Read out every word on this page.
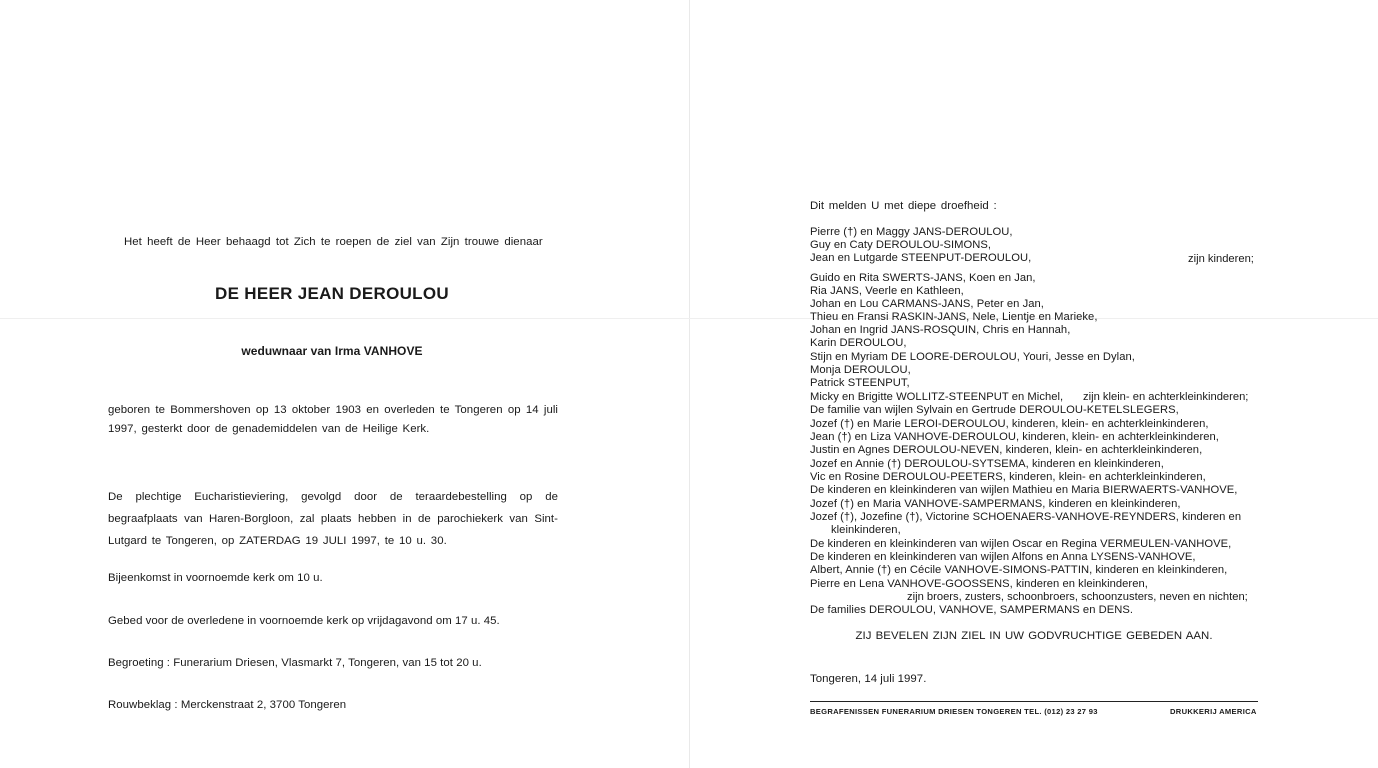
Het heeft de Heer behaagd tot Zich te roepen de ziel van Zijn trouwe dienaar
DE HEER JEAN DEROULOU
weduwnaar van Irma VANHOVE
geboren te Bommershoven op 13 oktober 1903 en overleden te Tongeren op 14 juli 1997, gesterkt door de genademiddelen van de Heilige Kerk.
De plechtige Eucharistieviering, gevolgd door de teraardebestelling op de begraafplaats van Haren-Borgloon, zal plaats hebben in de parochiekerk van Sint-Lutgard te Tongeren, op ZATERDAG 19 JULI 1997, te 10 u. 30.
Bijeenkomst in voornoemde kerk om 10 u.
Gebed voor de overledene in voornoemde kerk op vrijdagavond om 17 u. 45.
Begroeting : Funerarium Driesen, Vlasmarkt 7, Tongeren, van 15 tot 20 u.
Rouwbeklag : Merckenstraat 2, 3700 Tongeren
Dit melden U met diepe droefheid :
Pierre (†) en Maggy JANS-DEROULOU,
Guy en Caty DEROULOU-SIMONS,
Jean en Lutgarde STEENPUT-DEROULOU,	zijn kinderen;
Guido en Rita SWERTS-JANS, Koen en Jan,
Ria JANS, Veerle en Kathleen,
Johan en Lou CARMANS-JANS, Peter en Jan,
Thieu en Fransi RASKIN-JANS, Nele, Lientje en Marieke,
Johan en Ingrid JANS-ROSQUIN, Chris en Hannah,
Karin DEROULOU,
Stijn en Myriam DE LOORE-DEROULOU, Youri, Jesse en Dylan,
Monja DEROULOU,
Patrick STEENPUT,
Micky en Brigitte WOLLITZ-STEENPUT en Michel, zijn klein- en achterkleinkinderen;
De familie van wijlen Sylvain en Gertrude DEROULOU-KETELSLEGERS,
Jozef (†) en Marie LEROI-DEROULOU, kinderen, klein- en achterkleinkinderen,
Jean (†) en Liza VANHOVE-DEROULOU, kinderen, klein- en achterkleinkinderen,
Justin en Agnes DEROULOU-NEVEN, kinderen, klein- en achterkleinkinderen,
Jozef en Annie (†) DEROULOU-SYTSEMA, kinderen en kleinkinderen,
Vic en Rosine DEROULOU-PEETERS, kinderen, klein- en achterkleinkinderen,
De kinderen en kleinkinderen van wijlen Mathieu en Maria BIERWAERTS-VANHOVE,
Jozef (†) en Maria VANHOVE-SAMPERMANS, kinderen en kleinkinderen,
Jozef (†), Jozefine (†), Victorine SCHOENAERS-VANHOVE-REYNDERS, kinderen en
kleinkinderen,
De kinderen en kleinkinderen van wijlen Oscar en Regina VERMEULEN-VANHOVE,
De kinderen en kleinkinderen van wijlen Alfons en Anna LYSENS-VANHOVE,
Albert, Annie (†) en Cécile VANHOVE-SIMONS-PATTIN, kinderen en kleinkinderen,
Pierre en Lena VANHOVE-GOOSSENS, kinderen en kleinkinderen,
zijn broers, zusters, schoonbroers, schoonzusters, neven en nichten;
De families DEROULOU, VANHOVE, SAMPERMANS en DENS.
ZIJ BEVELEN ZIJN ZIEL IN UW GODVRUCHTIGE GEBEDEN AAN.
Tongeren, 14 juli 1997.
BEGRAFENISSEN FUNERARIUM DRIESEN TONGEREN TEL. (012) 23 27 93	DRUKKERIJ AMERICA
